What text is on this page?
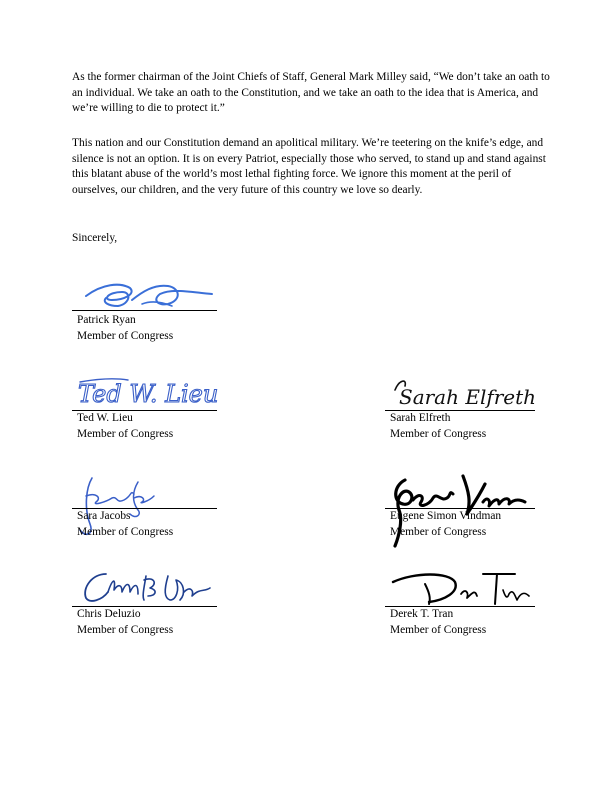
As the former chairman of the Joint Chiefs of Staff, General Mark Milley said, “We don’t take an oath to an individual. We take an oath to the Constitution, and we take an oath to the idea that is America, and we’re willing to die to protect it.”

This nation and our Constitution demand an apolitical military. We’re teetering on the knife’s edge, and silence is not an option. It is on every Patriot, especially those who served, to stand up and stand against this blatant abuse of the world’s most lethal fighting force. We ignore this moment at the peril of ourselves, our children, and the very future of this country we love so dearly.

Sincerely,

Patrick Ryan
Member of Congress
Ted W. Lieu
Ted W. Lieu
Member of Congress
Sarah Elfreth
Sarah Elfreth
Member of Congress
Sara Jacobs
Member of Congress
Eugene Simon Vindman
Member of Congress
Chris Deluzio
Member of Congress
Derek T. Tran
Member of Congress
